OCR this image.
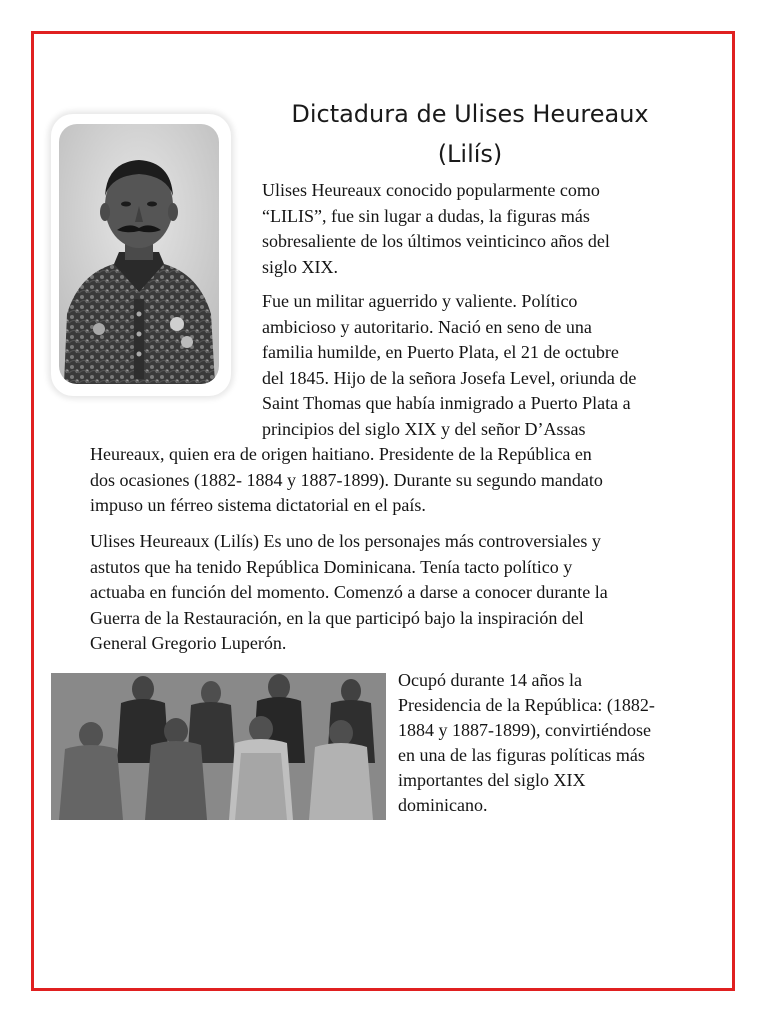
Dictadura de Ulises Heureaux
(Lilís)
Ulises Heureaux conocido popularmente como
“LILIS”, fue sin lugar a dudas, la figuras más
sobresaliente de los últimos veinticinco años del
siglo XIX.
Fue un militar aguerrido y valiente. Político
ambicioso y autoritario. Nació en seno de una
familia humilde, en Puerto Plata, el 21 de octubre
del 1845. Hijo de la señora Josefa Level, oriunda de
Saint Thomas que había inmigrado a Puerto Plata a
principios del siglo XIX y del señor D’Assas
Heureaux, quien era de origen haitiano. Presidente de la República en
dos ocasiones (1882- 1884 y 1887-1899). Durante su segundo mandato
impuso un férreo sistema dictatorial en el país.
Ulises Heureaux (Lilís) Es uno de los personajes más controversiales y
astutos que ha tenido República Dominicana. Tenía tacto político y
actuaba en función del momento. Comenzó a darse a conocer durante la
Guerra de la Restauración, en la que participó bajo la inspiración del
General Gregorio Luperón.
Ocupó durante 14 años la
Presidencia de la República: (1882-
1884 y 1887-1899), convirtiéndose
en una de las figuras políticas más
importantes del siglo XIX
dominicano.
